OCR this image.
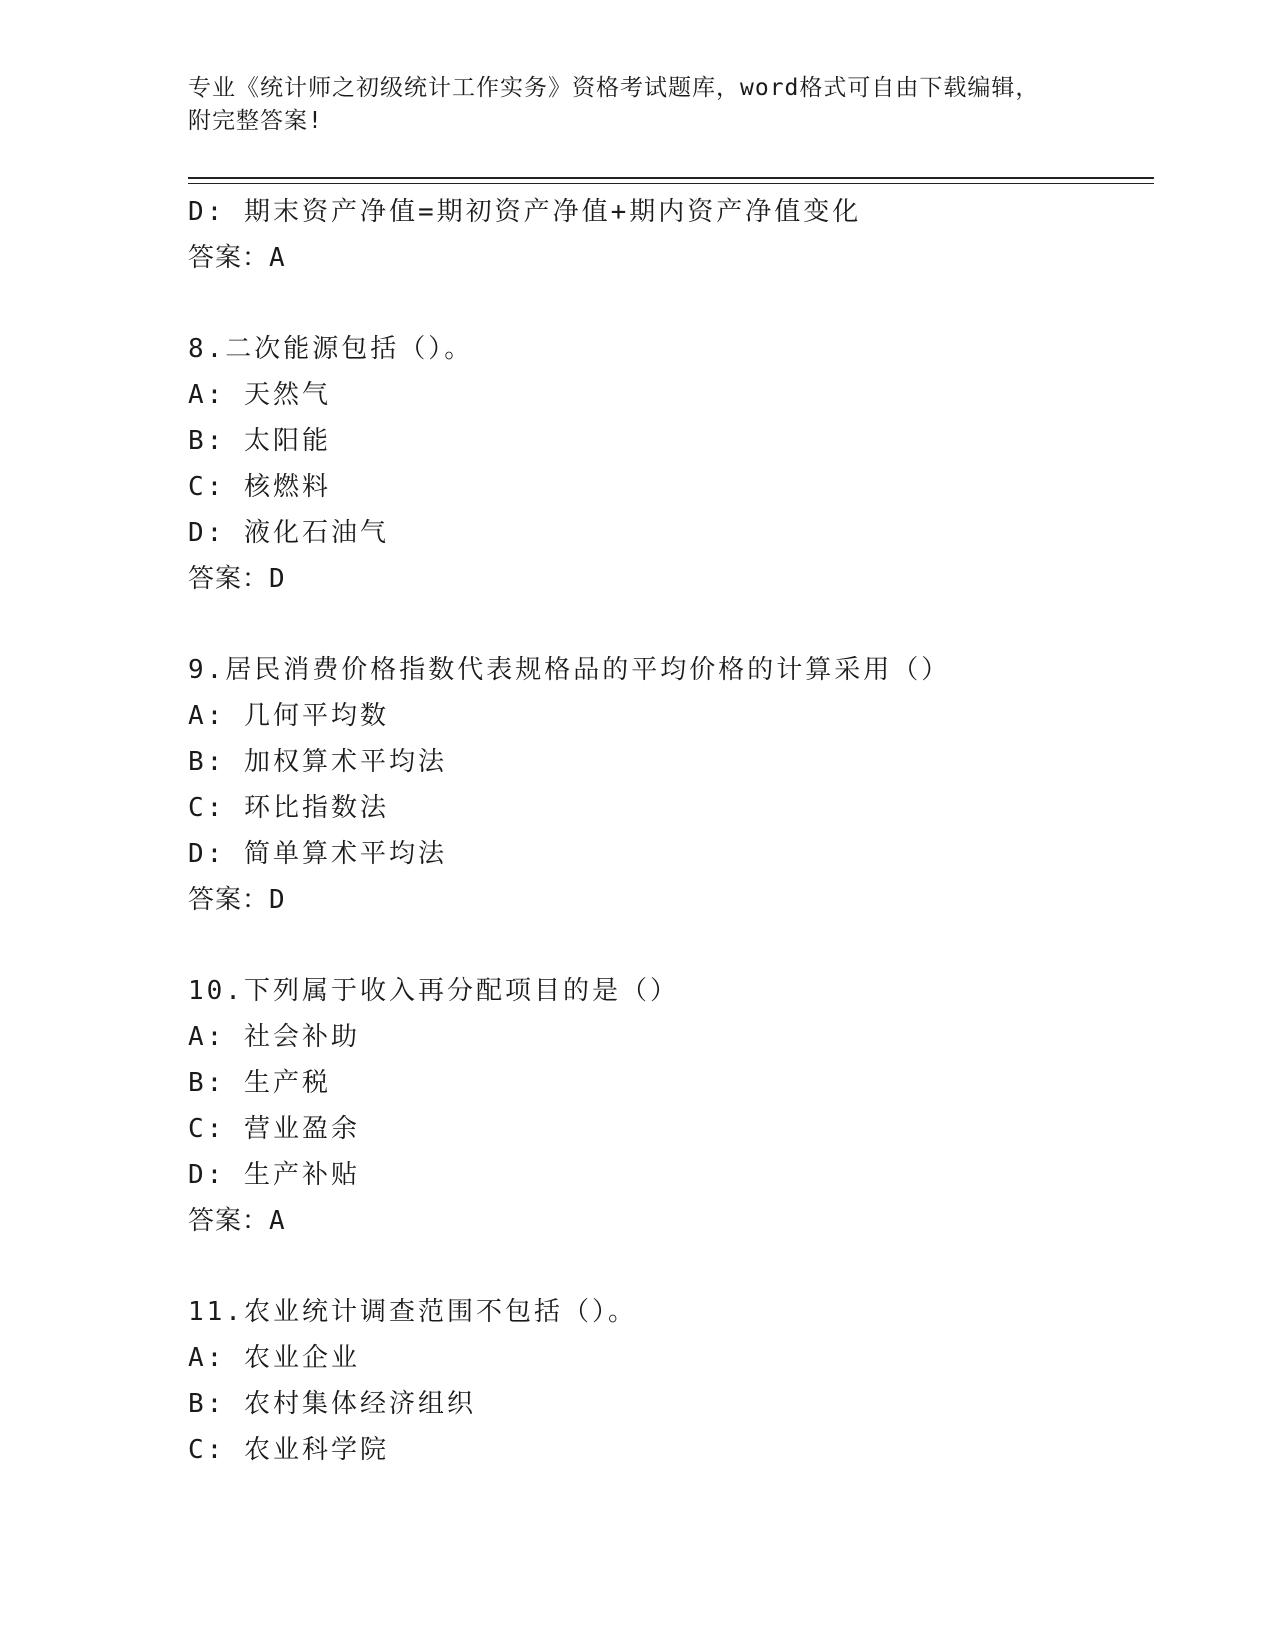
专业《统计师之初级统计工作实务》资格考试题库，word格式可自由下载编辑，
附完整答案!
D: 期末资产净值=期初资产净值+期内资产净值变化
答案：A
8.二次能源包括（）。
A: 天然气
B: 太阳能
C: 核燃料
D: 液化石油气
答案：D
9.居民消费价格指数代表规格品的平均价格的计算采用（）
A: 几何平均数
B: 加权算术平均法
C: 环比指数法
D: 简单算术平均法
答案：D
10.下列属于收入再分配项目的是（）
A: 社会补助
B: 生产税
C: 营业盈余
D: 生产补贴
答案：A
11.农业统计调查范围不包括（）。
A: 农业企业
B: 农村集体经济组织
C: 农业科学院
